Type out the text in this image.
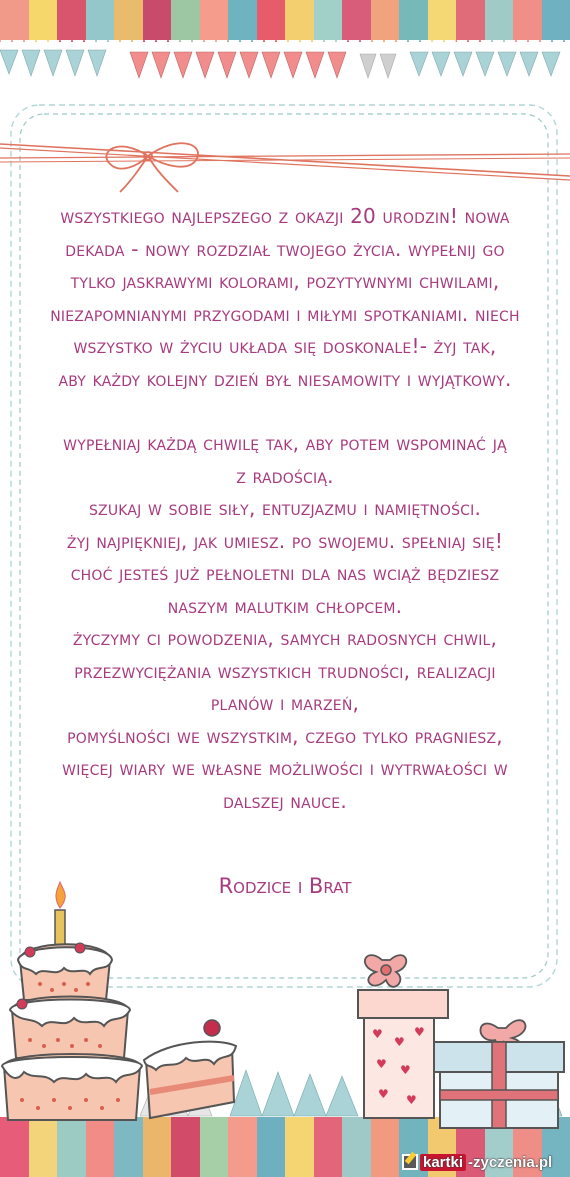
wszystkiego najlepszego z okazji 20 urodzin! nowa
dekada - nowy rozdział twojego życia. wypełnij go
tylko jaskrawymi kolorami, pozytywnymi chwilami,
niezapomnianymi przygodami i miłymi spotkaniami. niech
wszystko w życiu układa się doskonale!- żyj tak,
aby każdy kolejny dzień był niesamowity i wyjątkowy.

wypełniaj każdą chwilę tak, aby potem wspominać ją
z radością.
szukaj w sobie siły, entuzjazmu i namiętności.
żyj najpiękniej, jak umiesz. po swojemu. spełniaj się!
choć jesteś już pełnoletni dla nas wciąż będziesz
naszym malutkim chłopcem.
życzymy ci powodzenia, samych radosnych chwil,
przezwyciężania wszystkich trudności, realizacji
planów i marzeń,
pomyślności we wszystkim, czego tylko pragniesz,
więcej wiary we własne możliwości i wytrwałości w
dalszej nauce.

Rodzice i Brat
♥
♥
♥
♥ ♥
♥ ♥
kartki -zyczenia.pl
